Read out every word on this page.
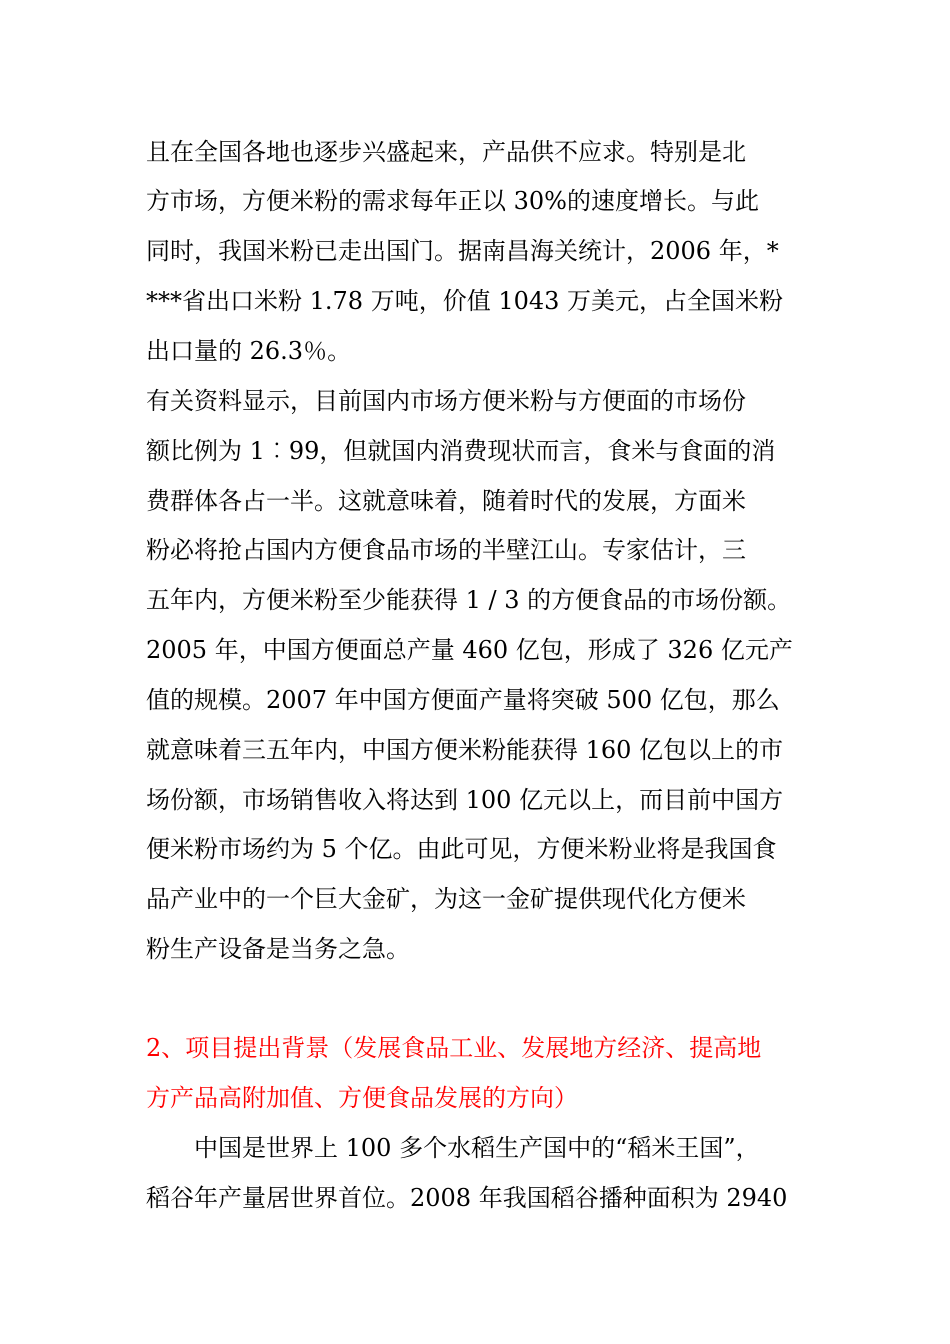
且在全国各地也逐步兴盛起来，产品供不应求。特别是北
方市场，方便米粉的需求每年正以 30%的速度增长。与此
同时，我国米粉已走出国门。据南昌海关统计，2006 年，*
***省出口米粉 1.78 万吨，价值 1043 万美元，占全国米粉
出口量的 26.3％。
有关资料显示，目前国内市场方便米粉与方便面的市场份
额比例为 1︰99，但就国内消费现状而言，食米与食面的消
费群体各占一半。这就意味着，随着时代的发展，方面米
粉必将抢占国内方便食品市场的半壁江山。专家估计，三
五年内，方便米粉至少能获得 1 / 3 的方便食品的市场份额。
2005 年，中国方便面总产量 460 亿包，形成了 326 亿元产
值的规模。2007 年中国方便面产量将突破 500 亿包，那么
就意味着三五年内，中国方便米粉能获得 160 亿包以上的市
场份额，市场销售收入将达到 100 亿元以上，而目前中国方
便米粉市场约为 5 个亿。由此可见，方便米粉业将是我国食
品产业中的一个巨大金矿，为这一金矿提供现代化方便米
粉生产设备是当务之急。
2、项目提出背景（发展食品工业、发展地方经济、提高地
方产品高附加值、方便食品发展的方向）
中国是世界上 100 多个水稻生产国中的“稻米王国”，
稻谷年产量居世界首位。2008 年我国稻谷播种面积为 2940
